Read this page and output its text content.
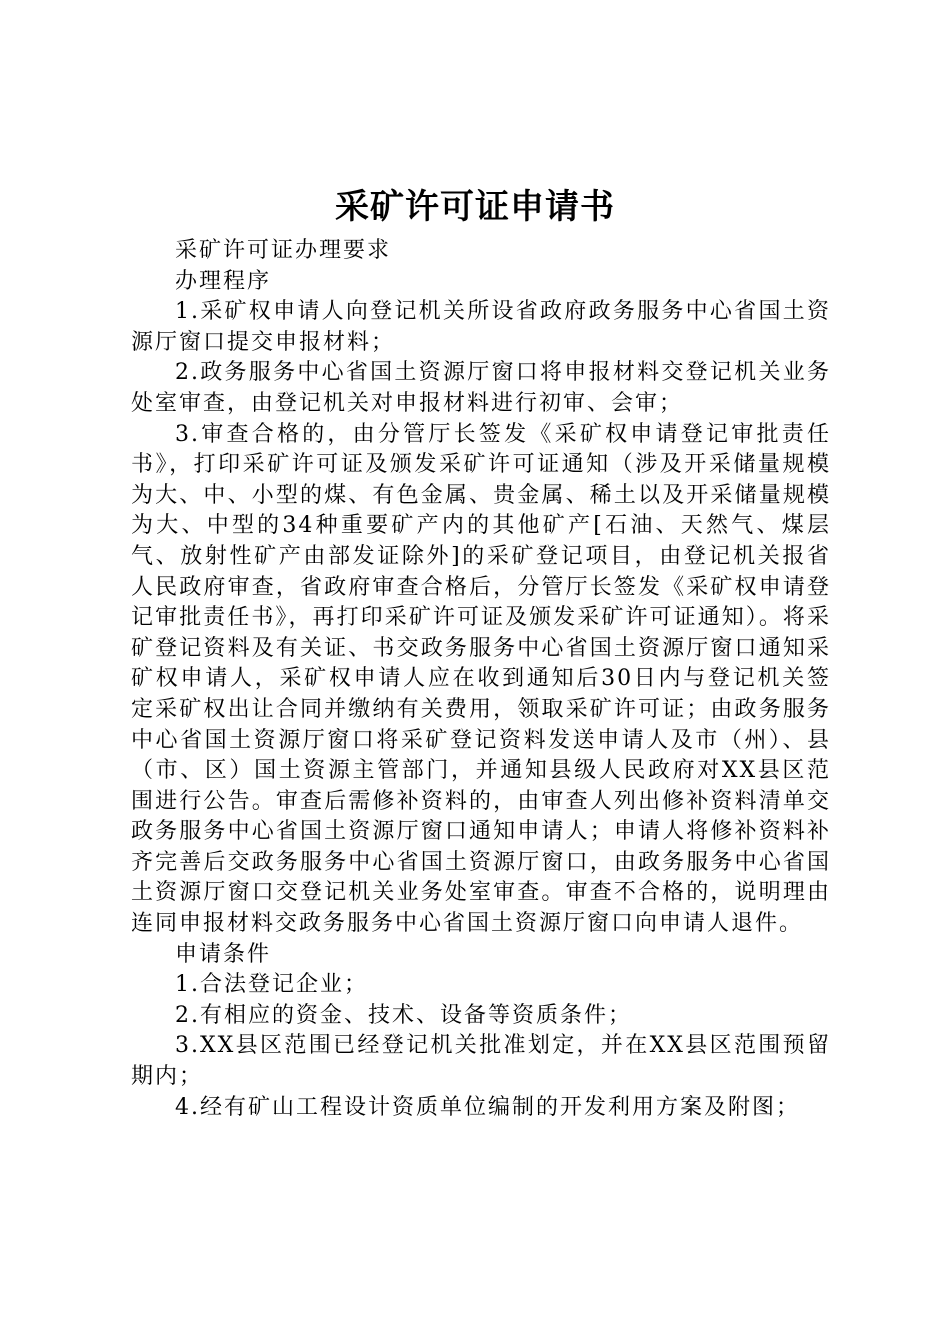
采矿许可证申请书

采矿许可证办理要求

办理程序

1.采矿权申请人向登记机关所设省政府政务服务中心省国土资源厅窗口提交申报材料；

2.政务服务中心省国土资源厅窗口将申报材料交登记机关业务处室审查，由登记机关对申报材料进行初审、会审；

3.审查合格的，由分管厅长签发《采矿权申请登记审批责任书》，打印采矿许可证及颁发采矿许可证通知（涉及开采储量规模为大、中、小型的煤、有色金属、贵金属、稀土以及开采储量规模为大、中型的34种重要矿产内的其他矿产[石油、天然气、煤层气、放射性矿产由部发证除外]的采矿登记项目，由登记机关报省人民政府审查，省政府审查合格后，分管厅长签发《采矿权申请登记审批责任书》，再打印采矿许可证及颁发采矿许可证通知）。将采矿登记资料及有关证、书交政务服务中心省国土资源厅窗口通知采矿权申请人，采矿权申请人应在收到通知后30日内与登记机关签定采矿权出让合同并缴纳有关费用，领取采矿许可证；由政务服务中心省国土资源厅窗口将采矿登记资料发送申请人及市（州）、县（市、区）国土资源主管部门，并通知县级人民政府对XX县区范围进行公告。审查后需修补资料的，由审查人列出修补资料清单交政务服务中心省国土资源厅窗口通知申请人；申请人将修补资料补齐完善后交政务服务中心省国土资源厅窗口，由政务服务中心省国土资源厅窗口交登记机关业务处室审查。审查不合格的，说明理由连同申报材料交政务服务中心省国土资源厅窗口向申请人退件。

申请条件

1.合法登记企业；

2.有相应的资金、技术、设备等资质条件；

3.XX县区范围已经登记机关批准划定，并在XX县区范围预留期内；

4.经有矿山工程设计资质单位编制的开发利用方案及附图；
